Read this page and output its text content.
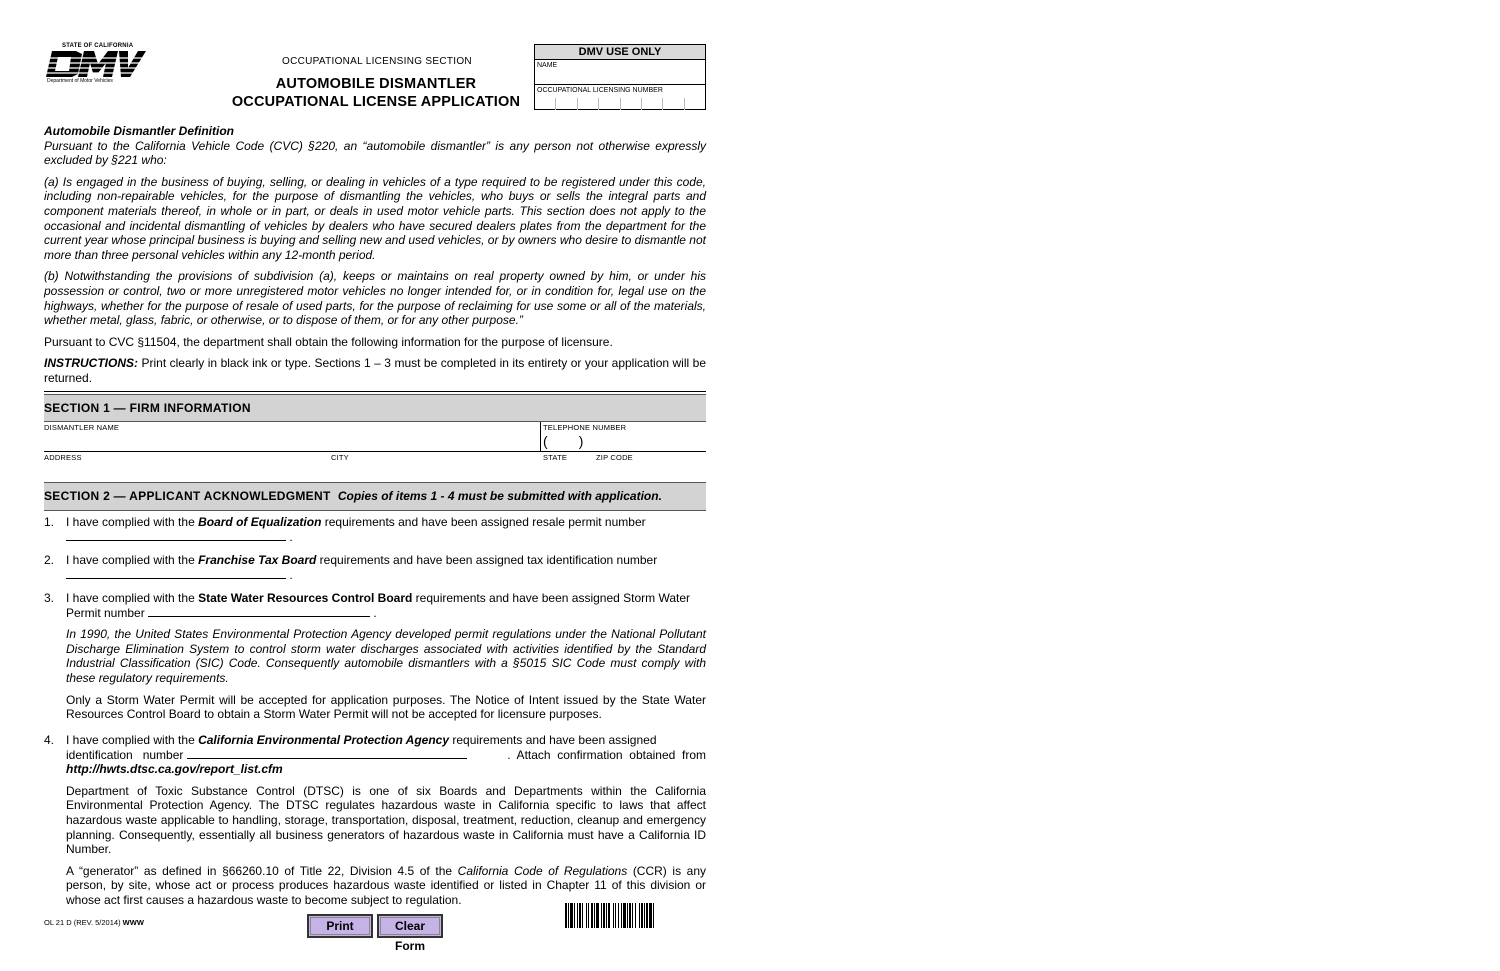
STATE OF CALIFORNIA
Department of Motor Vehicles
OCCUPATIONAL LICENSING SECTION
AUTOMOBILE DISMANTLER
OCCUPATIONAL LICENSE APPLICATION
DMV USE ONLY
NAME
OCCUPATIONAL LICENSING NUMBER
Automobile Dismantler Definition
Pursuant to the California Vehicle Code (CVC) §220, an “automobile dismantler” is any person not otherwise expressly excluded by §221 who:
(a) Is engaged in the business of buying, selling, or dealing in vehicles of a type required to be registered under this code, including non-repairable vehicles, for the purpose of dismantling the vehicles, who buys or sells the integral parts and component materials thereof, in whole or in part, or deals in used motor vehicle parts. This section does not apply to the occasional and incidental dismantling of vehicles by dealers who have secured dealers plates from the department for the current year whose principal business is buying and selling new and used vehicles, or by owners who desire to dismantle not more than three personal vehicles within any 12-month period.
(b) Notwithstanding the provisions of subdivision (a), keeps or maintains on real property owned by him, or under his possession or control, two or more unregistered motor vehicles no longer intended for, or in condition for, legal use on the highways, whether for the purpose of resale of used parts, for the purpose of reclaiming for use some or all of the materials, whether metal, glass, fabric, or otherwise, or to dispose of them, or for any other purpose.”
Pursuant to CVC §11504, the department shall obtain the following information for the purpose of licensure.
INSTRUCTIONS: Print clearly in black ink or type. Sections 1 – 3 must be completed in its entirety or your application will be returned.
SECTION 1 — FIRM INFORMATION
DISMANTLER NAME	TELEPHONE NUMBER
(        )
ADDRESS	CITY	STATE	ZIP CODE
SECTION 2 — APPLICANT ACKNOWLEDGMENT Copies of items 1 - 4 must be submitted with application.
1. I have complied with the Board of Equalization requirements and have been assigned resale permit number
.
2. I have complied with the Franchise Tax Board requirements and have been assigned tax identification number
.
3. I have complied with the State Water Resources Control Board requirements and have been assigned Storm Water
Permit number	.
In 1990, the United States Environmental Protection Agency developed permit regulations under the National Pollutant Discharge Elimination System to control storm water discharges associated with activities identified by the Standard Industrial Classification (SIC) Code. Consequently automobile dismantlers with a §5015 SIC Code must comply with these regulatory requirements.
Only a Storm Water Permit will be accepted for application purposes. The Notice of Intent issued by the State Water Resources Control Board to obtain a Storm Water Permit will not be accepted for licensure purposes.
4. I have complied with the California Environmental Protection Agency requirements and have been assigned
identification   number	.  Attach  confirmation  obtained  from

http://hwts.dtsc.ca.gov/report_list.cfm
Department of Toxic Substance Control (DTSC) is one of six Boards and Departments within the California Environmental Protection Agency. The DTSC regulates hazardous waste in California specific to laws that affect hazardous waste applicable to handling, storage, transportation, disposal, treatment, reduction, cleanup and emergency planning. Consequently, essentially all business generators of hazardous waste in California must have a California ID Number.
A “generator” as defined in §66260.10 of Title 22, Division 4.5 of the California Code of Regulations (CCR) is any person, by site, whose act or process produces hazardous waste identified or listed in Chapter 11 of this division or whose act first causes a hazardous waste to become subject to regulation.
OL 21 D (REV. 5/2014) WWW	Print	Clear Form
